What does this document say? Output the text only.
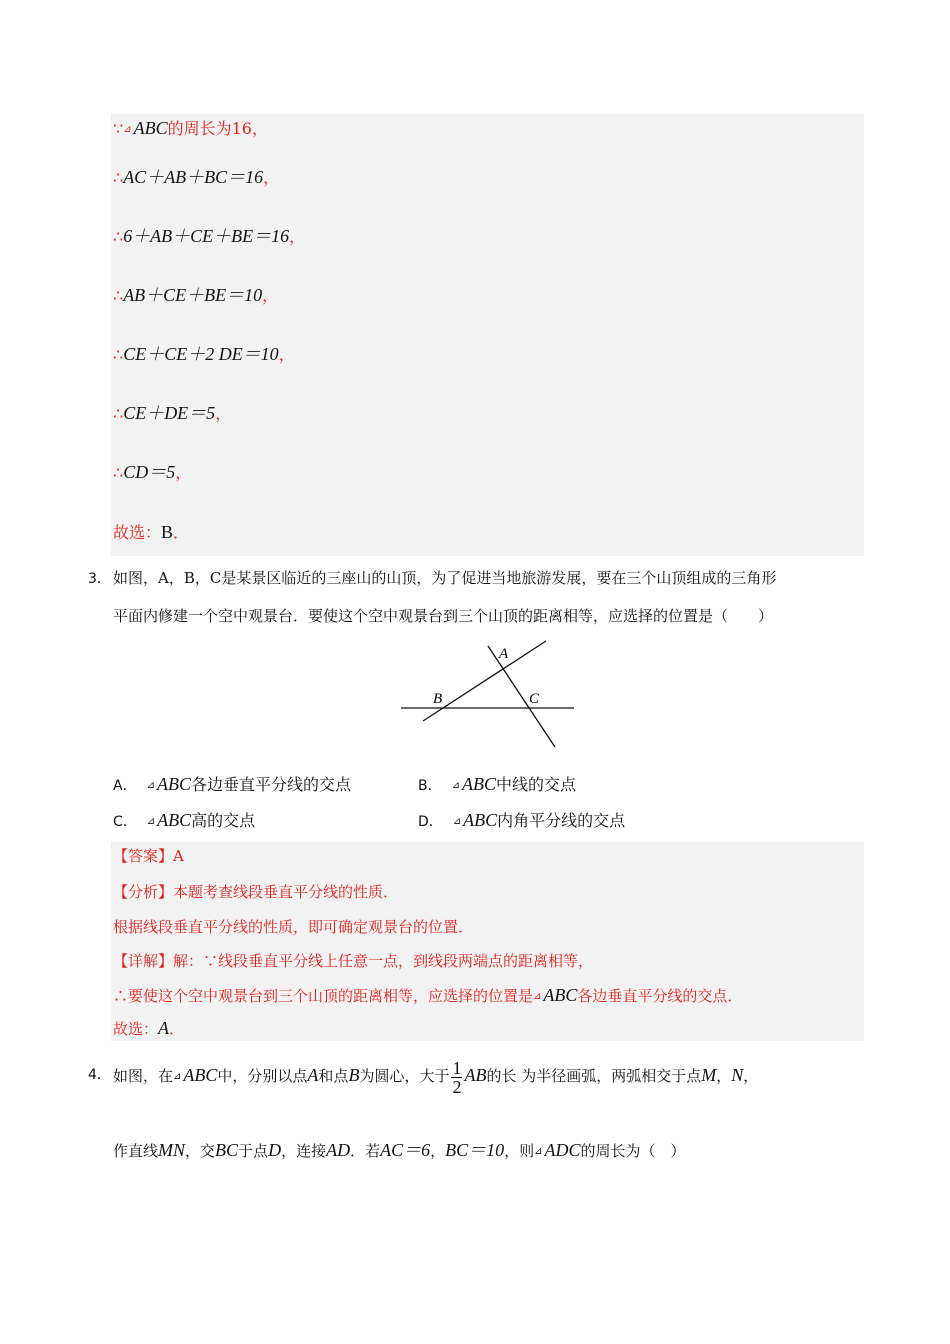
∵⊿ ABC的周长为16，
∴AC＋AB＋BC＝16，
∴6＋AB＋CE＋BE＝16，
∴AB＋CE＋BE＝10，
∴CE＋CE＋2 DE＝10，
∴CE＋DE＝5，
∴CD＝5，
故选：B．
3． 如图，A，B，C是某景区临近的三座山的山顶，为了促进当地旅游发展，要在三个山顶组成的三角形
平面内修建一个空中观景台．要使这个空中观景台到三个山顶的距离相等，应选择的位置是（　　）
A
B	C
A． ⊿ ABC各边垂直平分线的交点	B． ⊿ ABC中线的交点
C． ⊿ ABC高的交点	D． ⊿ ABC内角平分线的交点
【答案】A
【分析】本题考查线段垂直平分线的性质．
根据线段垂直平分线的性质，即可确定观景台的位置．
【详解】解：∵线段垂直平分线上任意一点，到线段两端点的距离相等，
∴要使这个空中观景台到三个山顶的距离相等，应选择的位置是⊿ ABC各边垂直平分线的交点．
故选：A．
4． 如图，在⊿ ABC中，分别以点A和点B为圆心，大于 $\frac{1}{2}$ AB的长 为半径画弧，两弧相交于点M，N，
作直线MN，交BC于点D，连接AD．若AC＝6，BC＝10，则⊿ ADC的周长为（　）
